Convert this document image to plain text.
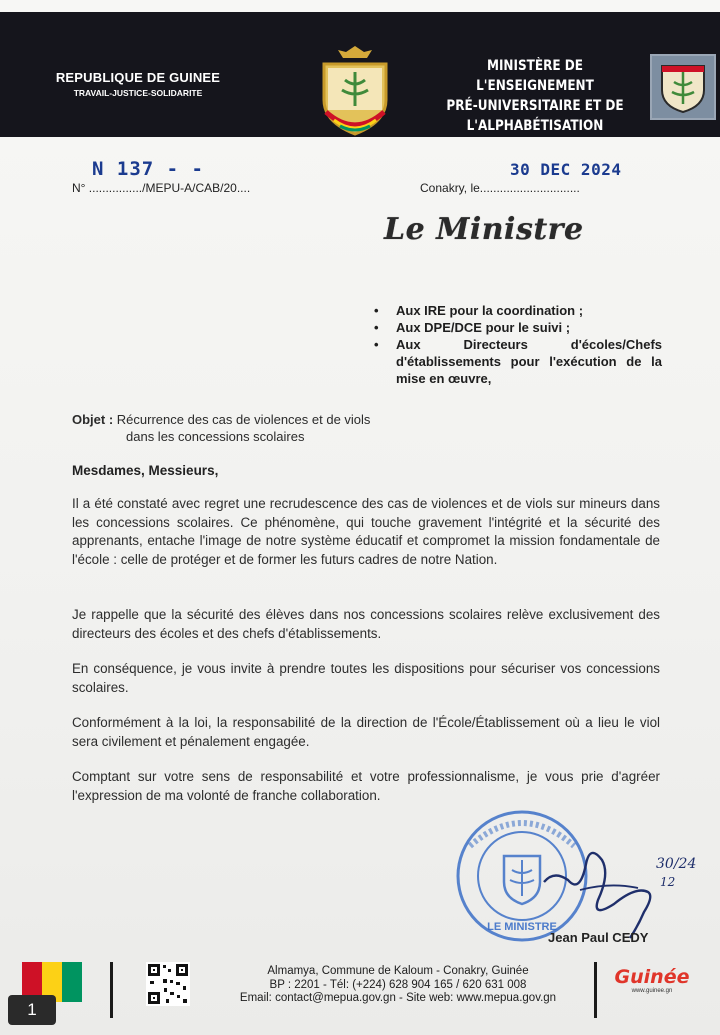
REPUBLIQUE DE GUINEE
TRAVAIL-JUSTICE-SOLIDARITE
MINISTÈRE DE L'ENSEIGNEMENT
PRÉ-UNIVERSITAIRE ET DE
L'ALPHABÉTISATION
N 137 - -
N° ................/MEPU-A/CAB/20....
30 DEC 2024
Conakry, le..............................
Le Ministre
• Aux IRE pour la coordination ;
• Aux DPE/DCE pour le suivi ;
• Aux Directeurs d'écoles/Chefs d'établissements pour l'exécution de la mise en œuvre,
Objet : Récurrence des cas de violences et de viols
dans les concessions scolaires
Mesdames, Messieurs,

Il a été constaté avec regret une recrudescence des cas de violences et de viols sur mineurs dans les concessions scolaires. Ce phénomène, qui touche gravement l'intégrité et la sécurité des apprenants, entache l'image de notre système éducatif et compromet la mission fondamentale de l'école : celle de protéger et de former les futurs cadres de notre Nation.

Je rappelle que la sécurité des élèves dans nos concessions scolaires relève exclusivement des directeurs des écoles et des chefs d'établissements.

En conséquence, je vous invite à prendre toutes les dispositions pour sécuriser vos concessions scolaires.

Conformément à la loi, la responsabilité de la direction de l'École/Établissement où a lieu le viol sera civilement et pénalement engagée.

Comptant sur votre sens de responsabilité et votre professionnalisme, je vous prie d'agréer l'expression de ma volonté de franche collaboration.

LE MINISTRE
30/24
12
Jean Paul CEDY
Almamya, Commune de Kaloum - Conakry, Guinée
BP : 2201 - Tél: (+224) 628 904 165 / 620 631 008
Email: contact@mepua.gov.gn - Site web: www.mepua.gov.gn
Guinée
www.guinee.gn
1
